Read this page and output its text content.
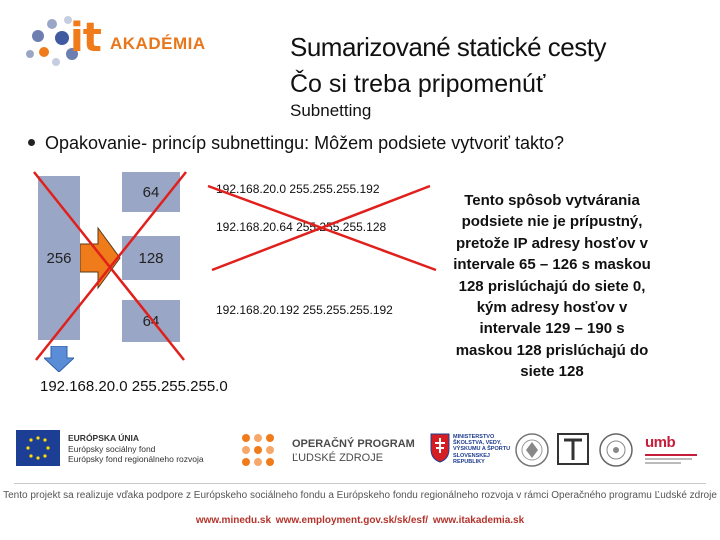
it AKADÉMIA	Sumarizované statické cesty
Čo si treba pripomenúť
Subnetting
Opakovanie- princíp subnettingu: Môžem podsiete vytvoriť takto?
256
64
128
64
192.168.20.0 255.255.255.192
192.168.20.64 255.255.255.128
192.168.20.192 255.255.255.192
192.168.20.0 255.255.255.0
Tento spôsob vytvárania podsiete nie je prípustný, pretože IP adresy hosťov v intervale 65 – 126 s maskou 128 prislúchajú do siete 0, kým adresy hosťov v intervale 129 – 190 s maskou 128 prislúchajú do siete 128
EURÓPSKA ÚNIA
Európsky sociálny fond
Európsky fond regionálneho rozvoja
OPERAČNÝ PROGRAM
ĽUDSKÉ ZDROJE
MINISTERSTVO
ŠKOLSTVA, VEDY,
VÝSKUMU A ŠPORTU
SLOVENSKEJ
REPUBLIKY
umb
Tento projekt sa realizuje vďaka podpore z Európskeho sociálneho fondu a Európskeho fondu regionálneho rozvoja v rámci Operačného programu Ľudské zdroje
www.minedu.sk www.employment.gov.sk/sk/esf/ www.itakademia.sk
